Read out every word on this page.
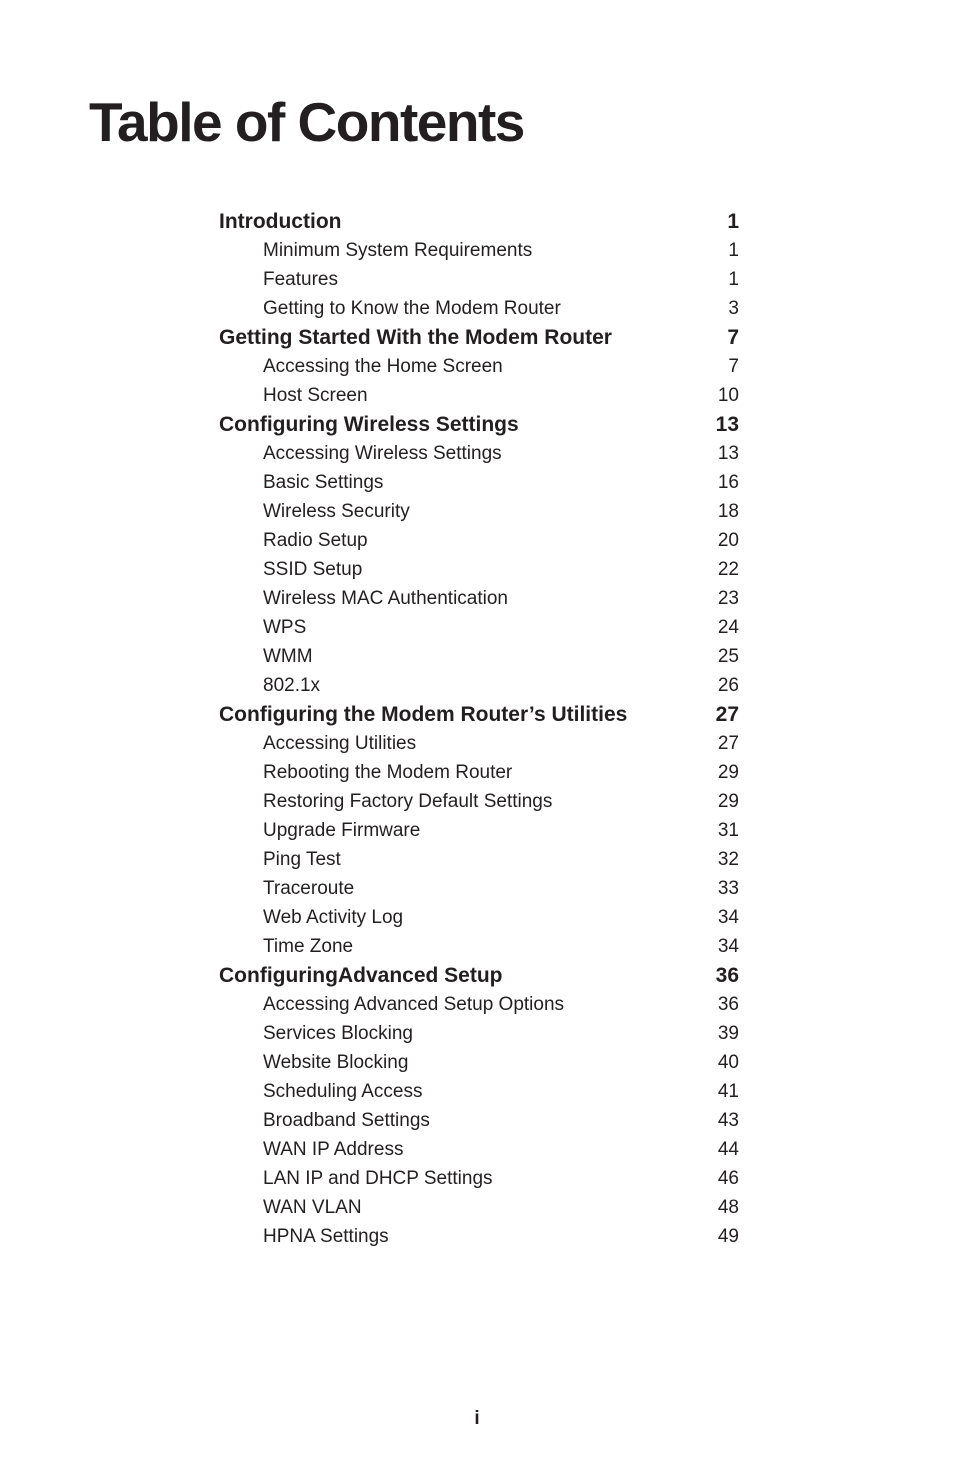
Table of Contents
Introduction	1
Minimum System Requirements	1
Features	1
Getting to Know the Modem Router	3
Getting Started With the Modem Router	7
Accessing the Home Screen	7
Host Screen	10
Configuring Wireless Settings	13
Accessing Wireless Settings	13
Basic Settings	16
Wireless Security	18
Radio Setup	20
SSID Setup	22
Wireless MAC Authentication	23
WPS	24
WMM	25
802.1x	26
Configuring the Modem Router’s Utilities	27
Accessing Utilities	27
Rebooting the Modem Router	29
Restoring Factory Default Settings	29
Upgrade Firmware	31
Ping Test	32
Traceroute	33
Web Activity Log	34
Time Zone	34
ConfiguringAdvanced Setup	36
Accessing Advanced Setup Options	36
Services Blocking	39
Website Blocking	40
Scheduling Access	41
Broadband Settings	43
WAN IP Address	44
LAN IP and DHCP Settings	46
WAN VLAN	48
HPNA Settings	49
i
